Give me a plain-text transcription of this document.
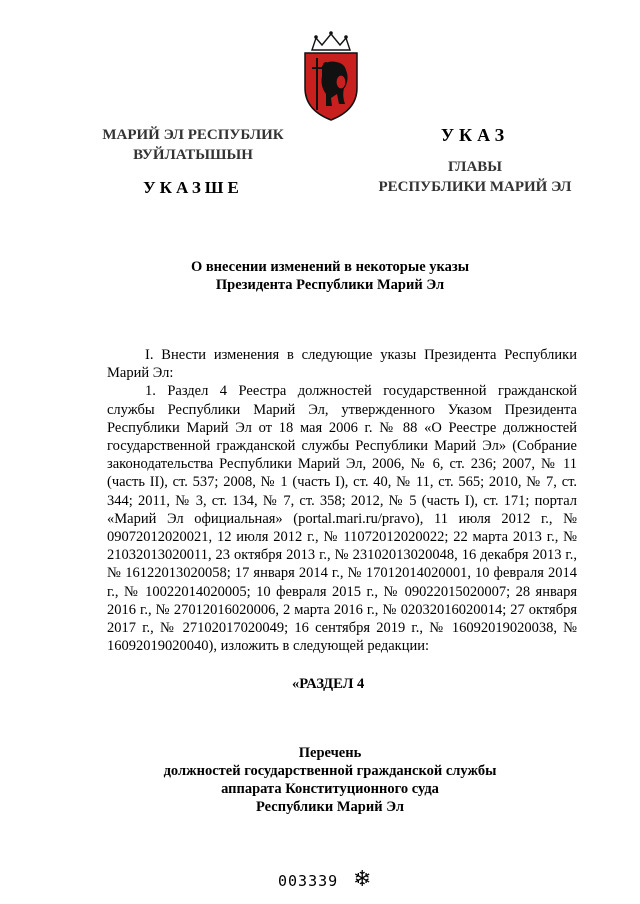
МАРИЙ ЭЛ РЕСПУБЛИК
ВУЙЛАТЫШЫН
УКАЗШЕ
УКАЗ
ГЛАВЫ
РЕСПУБЛИКИ МАРИЙ ЭЛ
О внесении изменений в некоторые указы
Президента Республики Марий Эл

I. Внести изменения в следующие указы Президента Республики Марий Эл:

1. Раздел 4 Реестра должностей государственной гражданской службы Республики Марий Эл, утвержденного Указом Президента Республики Марий Эл от 18 мая 2006 г. № 88 «О Реестре должностей государственной гражданской службы Республики Марий Эл» (Собрание законодательства Республики Марий Эл, 2006, № 6, ст. 236; 2007, № 11 (часть II), ст. 537; 2008, № 1 (часть I), ст. 40, № 11, ст. 565; 2010, № 7, ст. 344; 2011, № 3, ст. 134, № 7, ст. 358; 2012, № 5 (часть I), ст. 171; портал «Марий Эл официальная» (portal.mari.ru/pravo), 11 июля 2012 г., № 09072012020021, 12 июля 2012 г., № 11072012020022; 22 марта 2013 г., № 21032013020011, 23 октября 2013 г., № 23102013020048, 16 декабря 2013 г., № 16122013020058; 17 января 2014 г., № 17012014020001, 10 февраля 2014 г., № 10022014020005; 10 февраля 2015 г., № 09022015020007; 28 января 2016 г., № 27012016020006, 2 марта 2016 г., № 02032016020014; 27 октября 2017 г., № 27102017020049; 16 сентября 2019 г., № 16092019020038, № 16092019020040), изложить в следующей редакции:

«РАЗДЕЛ 4
Перечень
должностей государственной гражданской службы
аппарата Конституционного суда
Республики Марий Эл
003339 ❄
